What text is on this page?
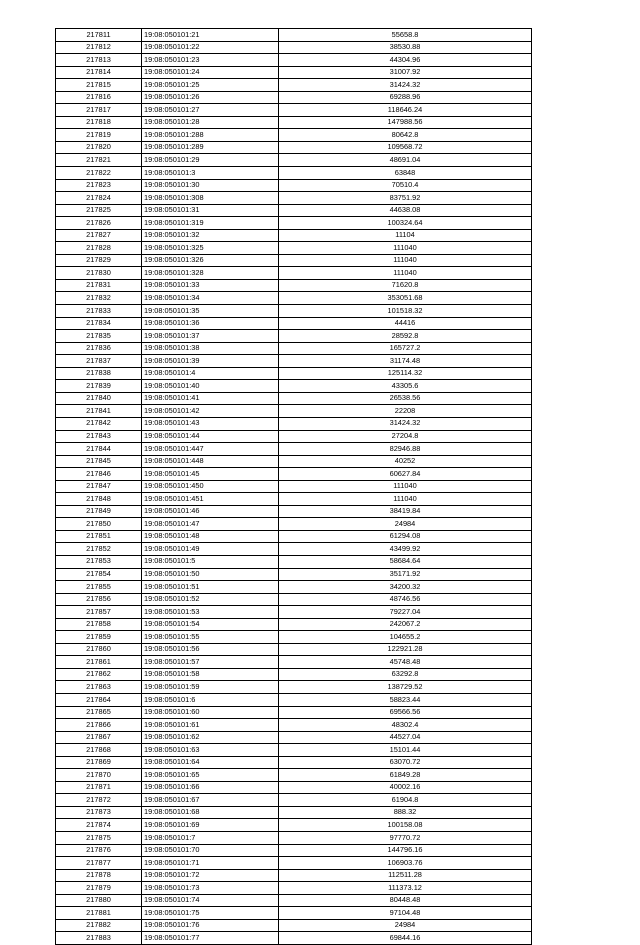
217811	19:08:050101:21	55658.8
217812	19:08:050101:22	38530.88
217813	19:08:050101:23	44304.96
217814	19:08:050101:24	31007.92
217815	19:08:050101:25	31424.32
217816	19:08:050101:26	69288.96
217817	19:08:050101:27	118646.24
217818	19:08:050101:28	147988.56
217819	19:08:050101:288	80642.8
217820	19:08:050101:289	109568.72
217821	19:08:050101:29	48691.04
217822	19:08:050101:3	63848
217823	19:08:050101:30	70510.4
217824	19:08:050101:308	83751.92
217825	19:08:050101:31	44638.08
217826	19:08:050101:319	100324.64
217827	19:08:050101:32	11104
217828	19:08:050101:325	111040
217829	19:08:050101:326	111040
217830	19:08:050101:328	111040
217831	19:08:050101:33	71620.8
217832	19:08:050101:34	353051.68
217833	19:08:050101:35	101518.32
217834	19:08:050101:36	44416
217835	19:08:050101:37	28592.8
217836	19:08:050101:38	165727.2
217837	19:08:050101:39	31174.48
217838	19:08:050101:4	125114.32
217839	19:08:050101:40	43305.6
217840	19:08:050101:41	26538.56
217841	19:08:050101:42	22208
217842	19:08:050101:43	31424.32
217843	19:08:050101:44	27204.8
217844	19:08:050101:447	82946.88
217845	19:08:050101:448	40252
217846	19:08:050101:45	60627.84
217847	19:08:050101:450	111040
217848	19:08:050101:451	111040
217849	19:08:050101:46	38419.84
217850	19:08:050101:47	24984
217851	19:08:050101:48	61294.08
217852	19:08:050101:49	43499.92
217853	19:08:050101:5	58684.64
217854	19:08:050101:50	35171.92
217855	19:08:050101:51	34200.32
217856	19:08:050101:52	48746.56
217857	19:08:050101:53	79227.04
217858	19:08:050101:54	242067.2
217859	19:08:050101:55	104655.2
217860	19:08:050101:56	122921.28
217861	19:08:050101:57	45748.48
217862	19:08:050101:58	63292.8
217863	19:08:050101:59	138729.52
217864	19:08:050101:6	58823.44
217865	19:08:050101:60	69566.56
217866	19:08:050101:61	48302.4
217867	19:08:050101:62	44527.04
217868	19:08:050101:63	15101.44
217869	19:08:050101:64	63070.72
217870	19:08:050101:65	61849.28
217871	19:08:050101:66	40002.16
217872	19:08:050101:67	61904.8
217873	19:08:050101:68	888.32
217874	19:08:050101:69	100158.08
217875	19:08:050101:7	97770.72
217876	19:08:050101:70	144796.16
217877	19:08:050101:71	106903.76
217878	19:08:050101:72	112511.28
217879	19:08:050101:73	111373.12
217880	19:08:050101:74	80448.48
217881	19:08:050101:75	97104.48
217882	19:08:050101:76	24984
217883	19:08:050101:77	69844.16
